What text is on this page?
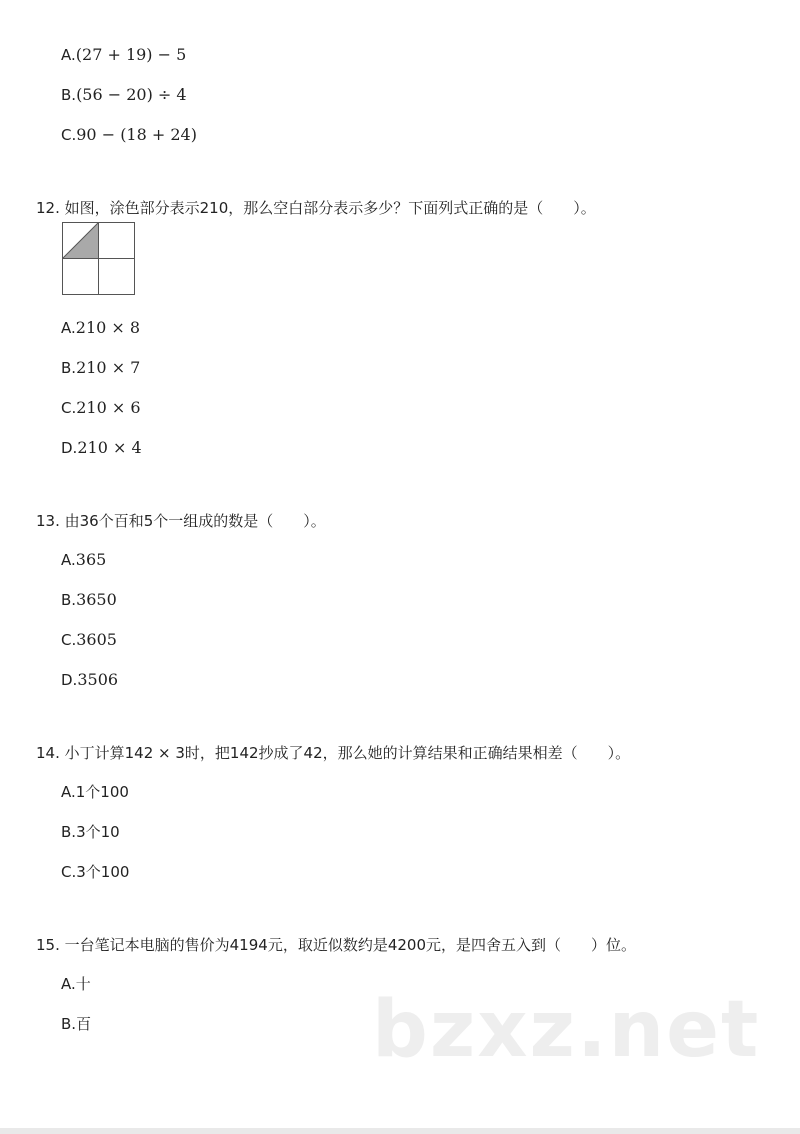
A.(27 + 19) − 5
B.(56 − 20) ÷ 4
C.90 − (18 + 24)
12. 如图，涂色部分表示210，那么空白部分表示多少？下面列式正确的是（　　）。
A.210 × 8
B.210 × 7
C.210 × 6
D.210 × 4
13. 由36个百和5个一组成的数是（　　）。
A.365
B.3650
C.3605
D.3506
14. 小丁计算142 × 3时，把142抄成了42，那么她的计算结果和正确结果相差（　　）。
A.1个100
B.3个10
C.3个100
15. 一台笔记本电脑的售价为4194元，取近似数约是4200元，是四舍五入到（　　）位。
A.十
B.百	bzxz.net
